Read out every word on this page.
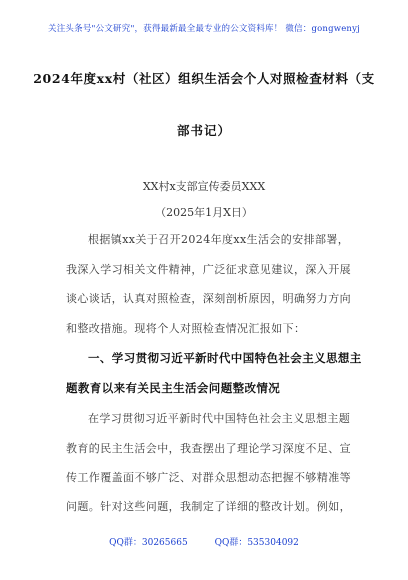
关注头条号"公文研究"，获得最新最全最专业的公文资料库！ 微信：gongwenyj
2024年度xx村（社区）组织生活会个人对照检查材料（支
部书记）
XX村x支部宣传委员XXX
（2025年1月X日）
根据镇xx关于召开2024年度xx生活会的安排部署，
我深入学习相关文件精神，广泛征求意见建议，深入开展
谈心谈话，认真对照检查，深刻剖析原因，明确努力方向
和整改措施。现将个人对照检查情况汇报如下：
一、学习贯彻习近平新时代中国特色社会主义思想主
题教育以来有关民主生活会问题整改情况
在学习贯彻习近平新时代中国特色社会主义思想主题
教育的民主生活会中，我查摆出了理论学习深度不足、宣
传工作覆盖面不够广泛、对群众思想动态把握不够精准等
问题。针对这些问题，我制定了详细的整改计划。例如，
QQ群：30265665	QQ群：535304092
